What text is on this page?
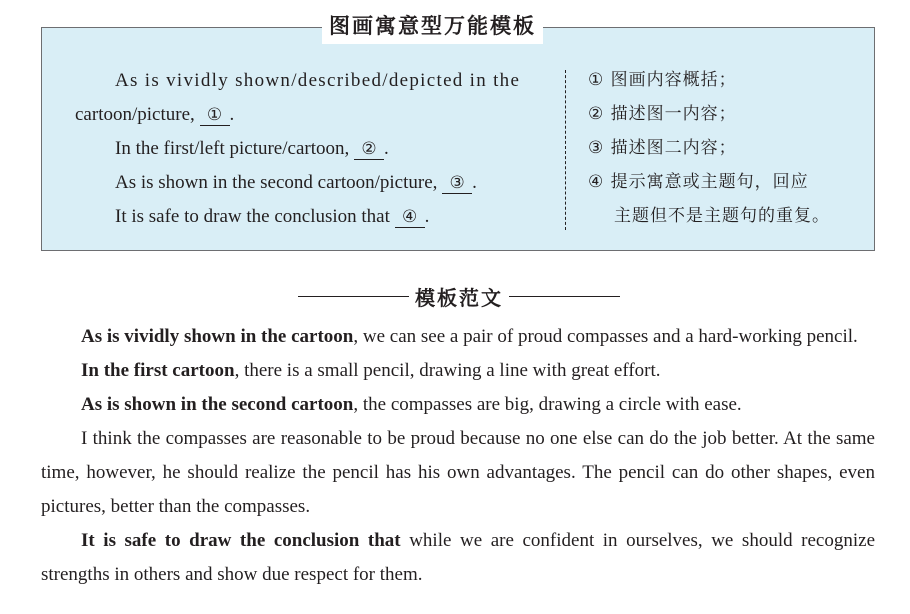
As is vividly shown/described/depicted in the
cartoon/picture, ① .
In the first/left picture/cartoon, ② .
As is shown in the second cartoon/picture, ③ .
It is safe to draw the conclusion that ④ .
① 图画内容概括；
② 描述图一内容；
③ 描述图二内容；
④ 提示寓意或主题句，回应
主题但不是主题句的重复。
图画寓意型万能模板
模板范文

As is vividly shown in the cartoon, we can see a pair of proud compasses and a hard-working pencil.

In the first cartoon, there is a small pencil, drawing a line with great effort.

As is shown in the second cartoon, the compasses are big, drawing a circle with ease.

I think the compasses are reasonable to be proud because no one else can do the job better. At the same time, however, he should realize the pencil has his own advantages. The pencil can do other shapes, even pictures, better than the compasses.

It is safe to draw the conclusion that while we are confident in ourselves, we should recognize strengths in others and show due respect for them.
